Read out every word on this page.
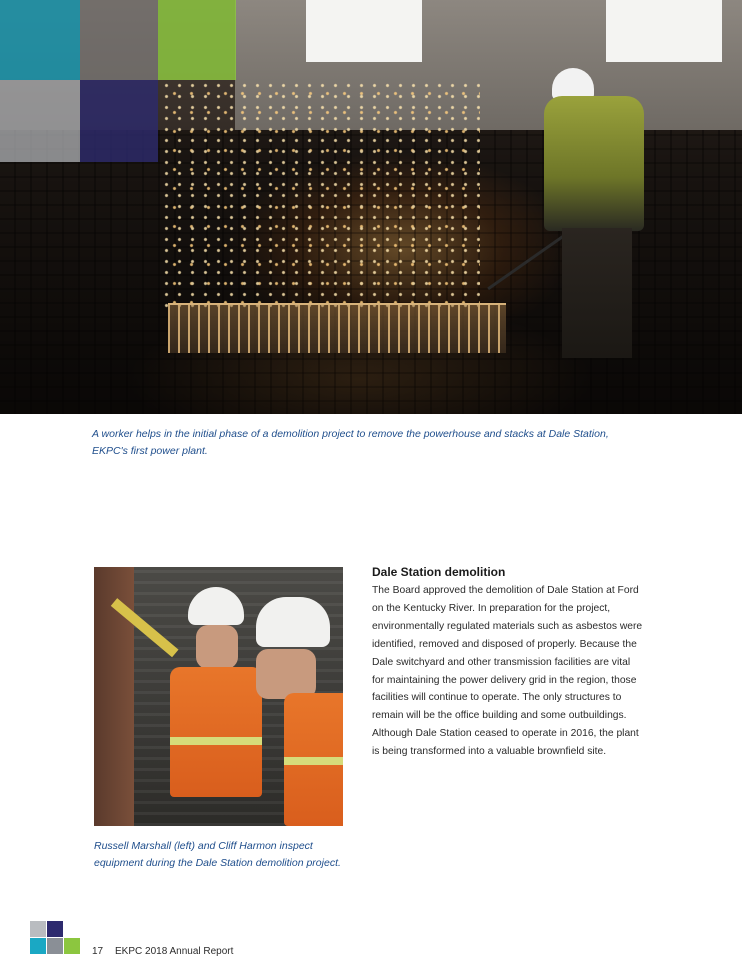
A worker helps in the initial phase of a demolition project to remove the powerhouse and stacks at Dale Station, EKPC's first power plant.

Russell Marshall (left) and Cliff Harmon inspect equipment during the Dale Station demolition project.

Dale Station demolition

The Board approved the demolition of Dale Station at Ford on the Kentucky River. In preparation for the project, environmentally regulated materials such as asbestos were identified, removed and disposed of properly. Because the Dale switchyard and other transmission facilities are vital for maintaining the power delivery grid in the region, those facilities will continue to operate. The only structures to remain will be the office building and some outbuildings. Although Dale Station ceased to operate in 2016, the plant is being transformed into a valuable brownfield site.

17 EKPC 2018 Annual Report
